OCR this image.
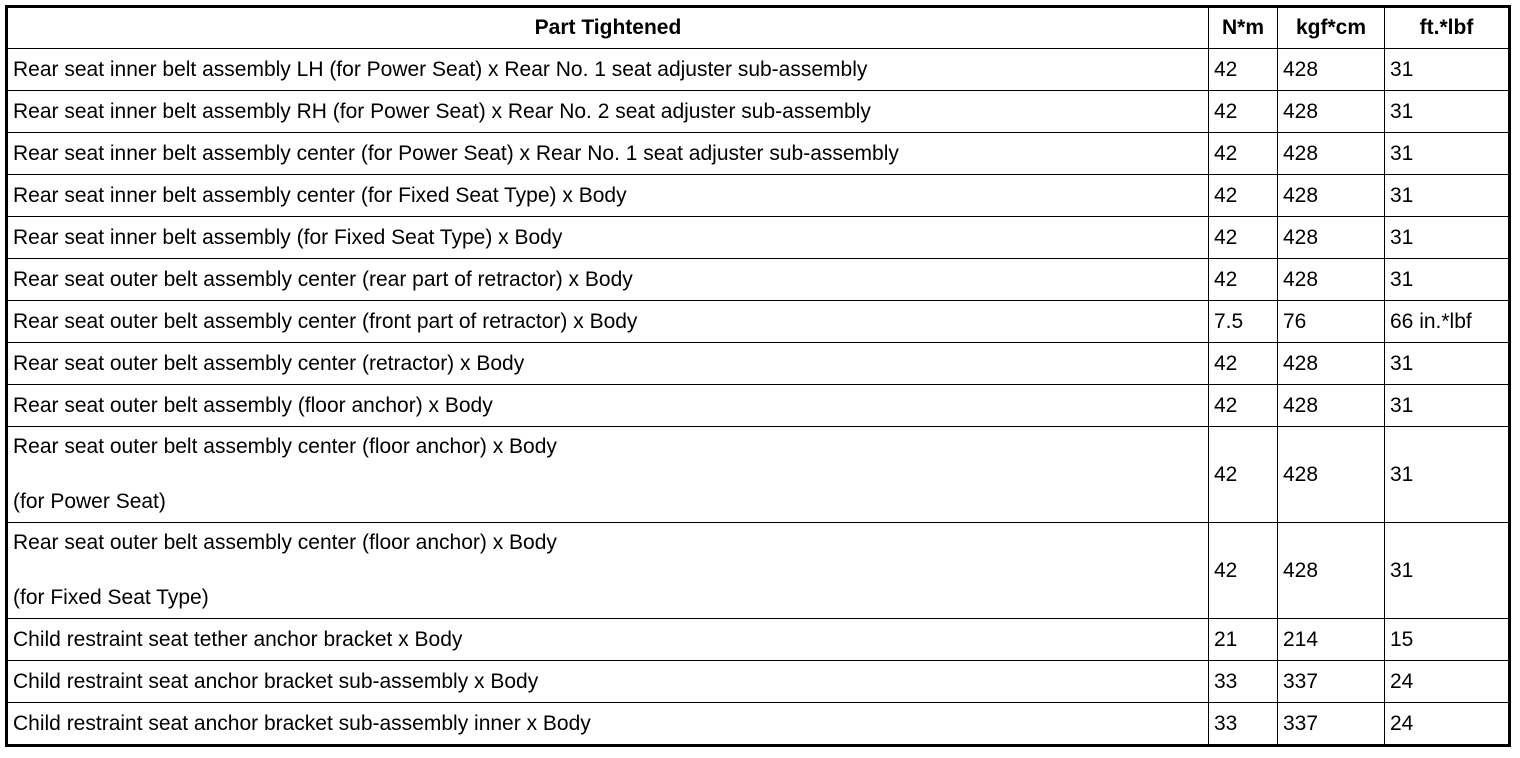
Part Tightened	N*m	kgf*cm	ft.*lbf
Rear seat inner belt assembly LH (for Power Seat) x Rear No. 1 seat adjuster sub-assembly	42	428	31
Rear seat inner belt assembly RH (for Power Seat) x Rear No. 2 seat adjuster sub-assembly	42	428	31
Rear seat inner belt assembly center (for Power Seat) x Rear No. 1 seat adjuster sub-assembly	42	428	31
Rear seat inner belt assembly center (for Fixed Seat Type) x Body	42	428	31
Rear seat inner belt assembly (for Fixed Seat Type) x Body	42	428	31
Rear seat outer belt assembly center (rear part of retractor) x Body	42	428	31
Rear seat outer belt assembly center (front part of retractor) x Body	7.5	76	66 in.*lbf
Rear seat outer belt assembly center (retractor) x Body	42	428	31
Rear seat outer belt assembly (floor anchor) x Body	42	428	31
Rear seat outer belt assembly center (floor anchor) x Body
(for Power Seat)	42	428	31
Rear seat outer belt assembly center (floor anchor) x Body
(for Fixed Seat Type)	42	428	31
Child restraint seat tether anchor bracket x Body	21	214	15
Child restraint seat anchor bracket sub-assembly x Body	33	337	24
Child restraint seat anchor bracket sub-assembly inner x Body	33	337	24
